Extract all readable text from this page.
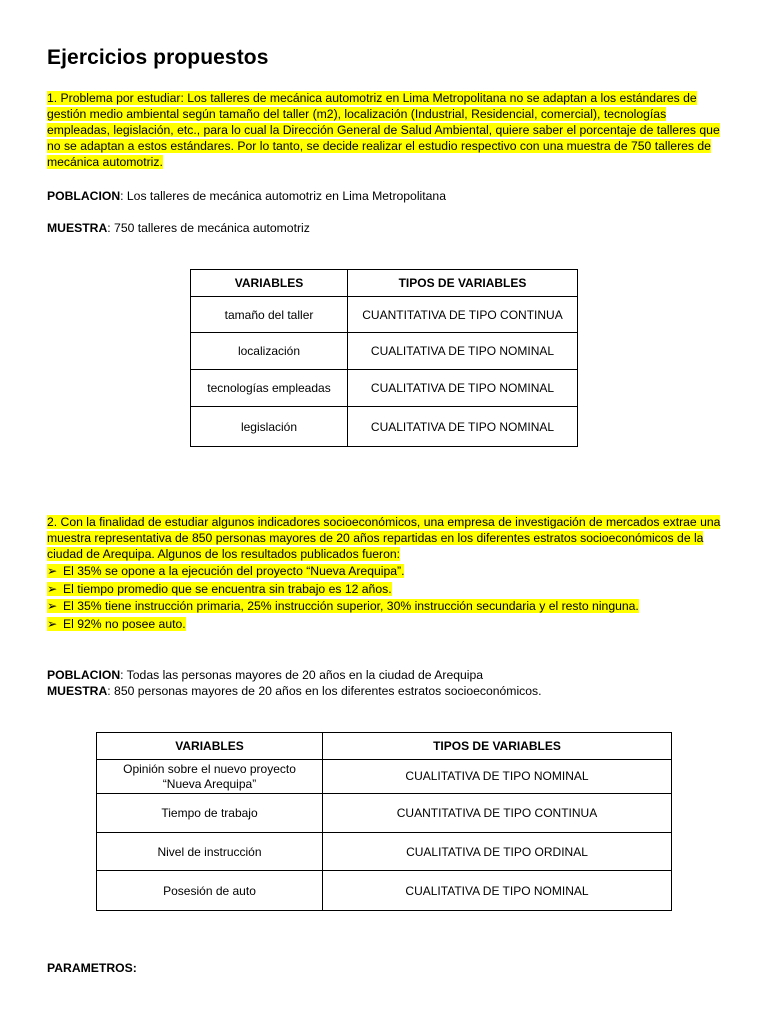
Ejercicios propuestos

1. Problema por estudiar: Los talleres de mecánica automotriz en Lima Metropolitana no se adaptan a los estándares de gestión medio ambiental según tamaño del taller (m2), localización (Industrial, Residencial, comercial), tecnologías empleadas, legislación, etc., para lo cual la Dirección General de Salud Ambiental, quiere saber el porcentaje de talleres que no se adaptan a estos estándares. Por lo tanto, se decide realizar el estudio respectivo con una muestra de 750 talleres de mecánica automotriz.

POBLACION: Los talleres de mecánica automotriz en Lima Metropolitana

MUESTRA: 750 talleres de mecánica automotriz

VARIABLES	TIPOS DE VARIABLES
tamaño del taller	CUANTITATIVA DE TIPO CONTINUA
localización	CUALITATIVA DE TIPO NOMINAL
tecnologías empleadas	CUALITATIVA DE TIPO NOMINAL
legislación	CUALITATIVA DE TIPO NOMINAL

2. Con la finalidad de estudiar algunos indicadores socioeconómicos, una empresa de investigación de mercados extrae una muestra representativa de 850 personas mayores de 20 años repartidas en los diferentes estratos socioeconómicos de la ciudad de Arequipa. Algunos de los resultados publicados fueron:

➢ El 35% se opone a la ejecución del proyecto “Nueva Arequipa”.
➢ El tiempo promedio que se encuentra sin trabajo es 12 años.
➢ El 35% tiene instrucción primaria, 25% instrucción superior, 30% instrucción secundaria y el resto ninguna.
➢ El 92% no posee auto.

POBLACION: Todas las personas mayores de 20 años en la ciudad de Arequipa

MUESTRA: 850 personas mayores de 20 años en los diferentes estratos socioeconómicos.

VARIABLES	TIPOS DE VARIABLES
Opinión sobre el nuevo proyecto “Nueva Arequipa”	CUALITATIVA DE TIPO NOMINAL
Tiempo de trabajo	CUANTITATIVA DE TIPO CONTINUA
Nivel de instrucción	CUALITATIVA DE TIPO ORDINAL
Posesión de auto	CUALITATIVA DE TIPO NOMINAL

PARAMETROS:
